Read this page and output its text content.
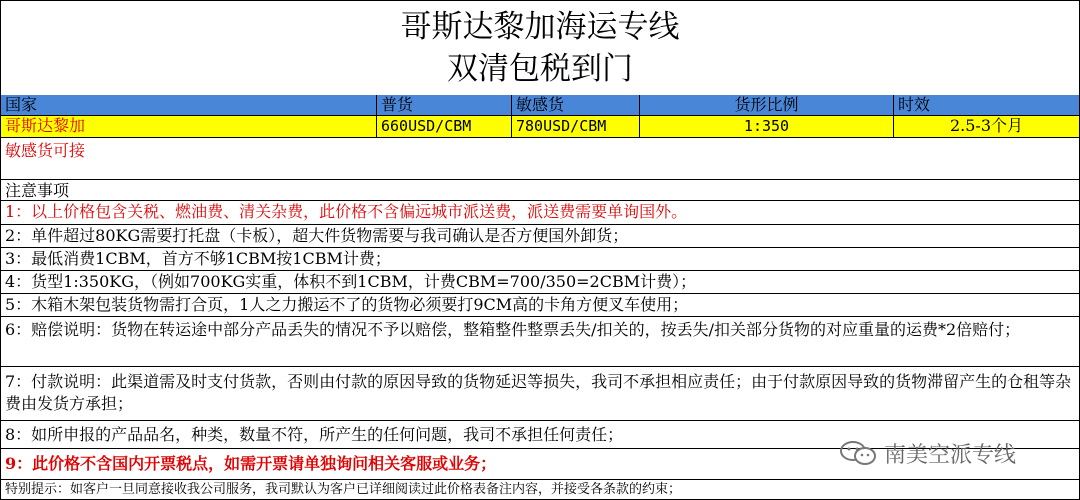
哥斯达黎加海运专线
双清包税到门
国家	普货	敏感货	货形比例	时效
哥斯达黎加	660USD/CBM	780USD/CBM	1:350	2.5-3个月
敏感货可接
注意事项
1：以上价格包含关税、燃油费、清关杂费，此价格不含偏远城市派送费，派送费需要单询国外。
2：单件超过80KG需要打托盘（卡板），超大件货物需要与我司确认是否方便国外卸货；
3：最低消费1CBM，首方不够1CBM按1CBM计费；
4：货型1:350KG，（例如700KG实重，体积不到1CBM，计费CBM=700/350=2CBM计费）；
5：木箱木架包装货物需打合页，1人之力搬运不了的货物必须要打9CM高的卡角方便叉车使用；
6：赔偿说明：货物在转运途中部分产品丢失的情况不予以赔偿，整箱整件整票丢失/扣关的，按丢失/扣关部分货物的对应重量的运费*2倍赔付；
7：付款说明：此渠道需及时支付货款，否则由付款的原因导致的货物延迟等损失，我司不承担相应责任；由于付款原因导致的货物滞留产生的仓租等杂费由发货方承担；
8：如所申报的产品品名，种类，数量不符，所产生的任何问题，我司不承担任何责任；
9：此价格不含国内开票税点，如需开票请单独询问相关客服或业务；
特别提示：如客户一旦同意接收我公司服务，我司默认为客户已详细阅读过此价格表备注内容，并接受各条款的约束；
南美空派专线
